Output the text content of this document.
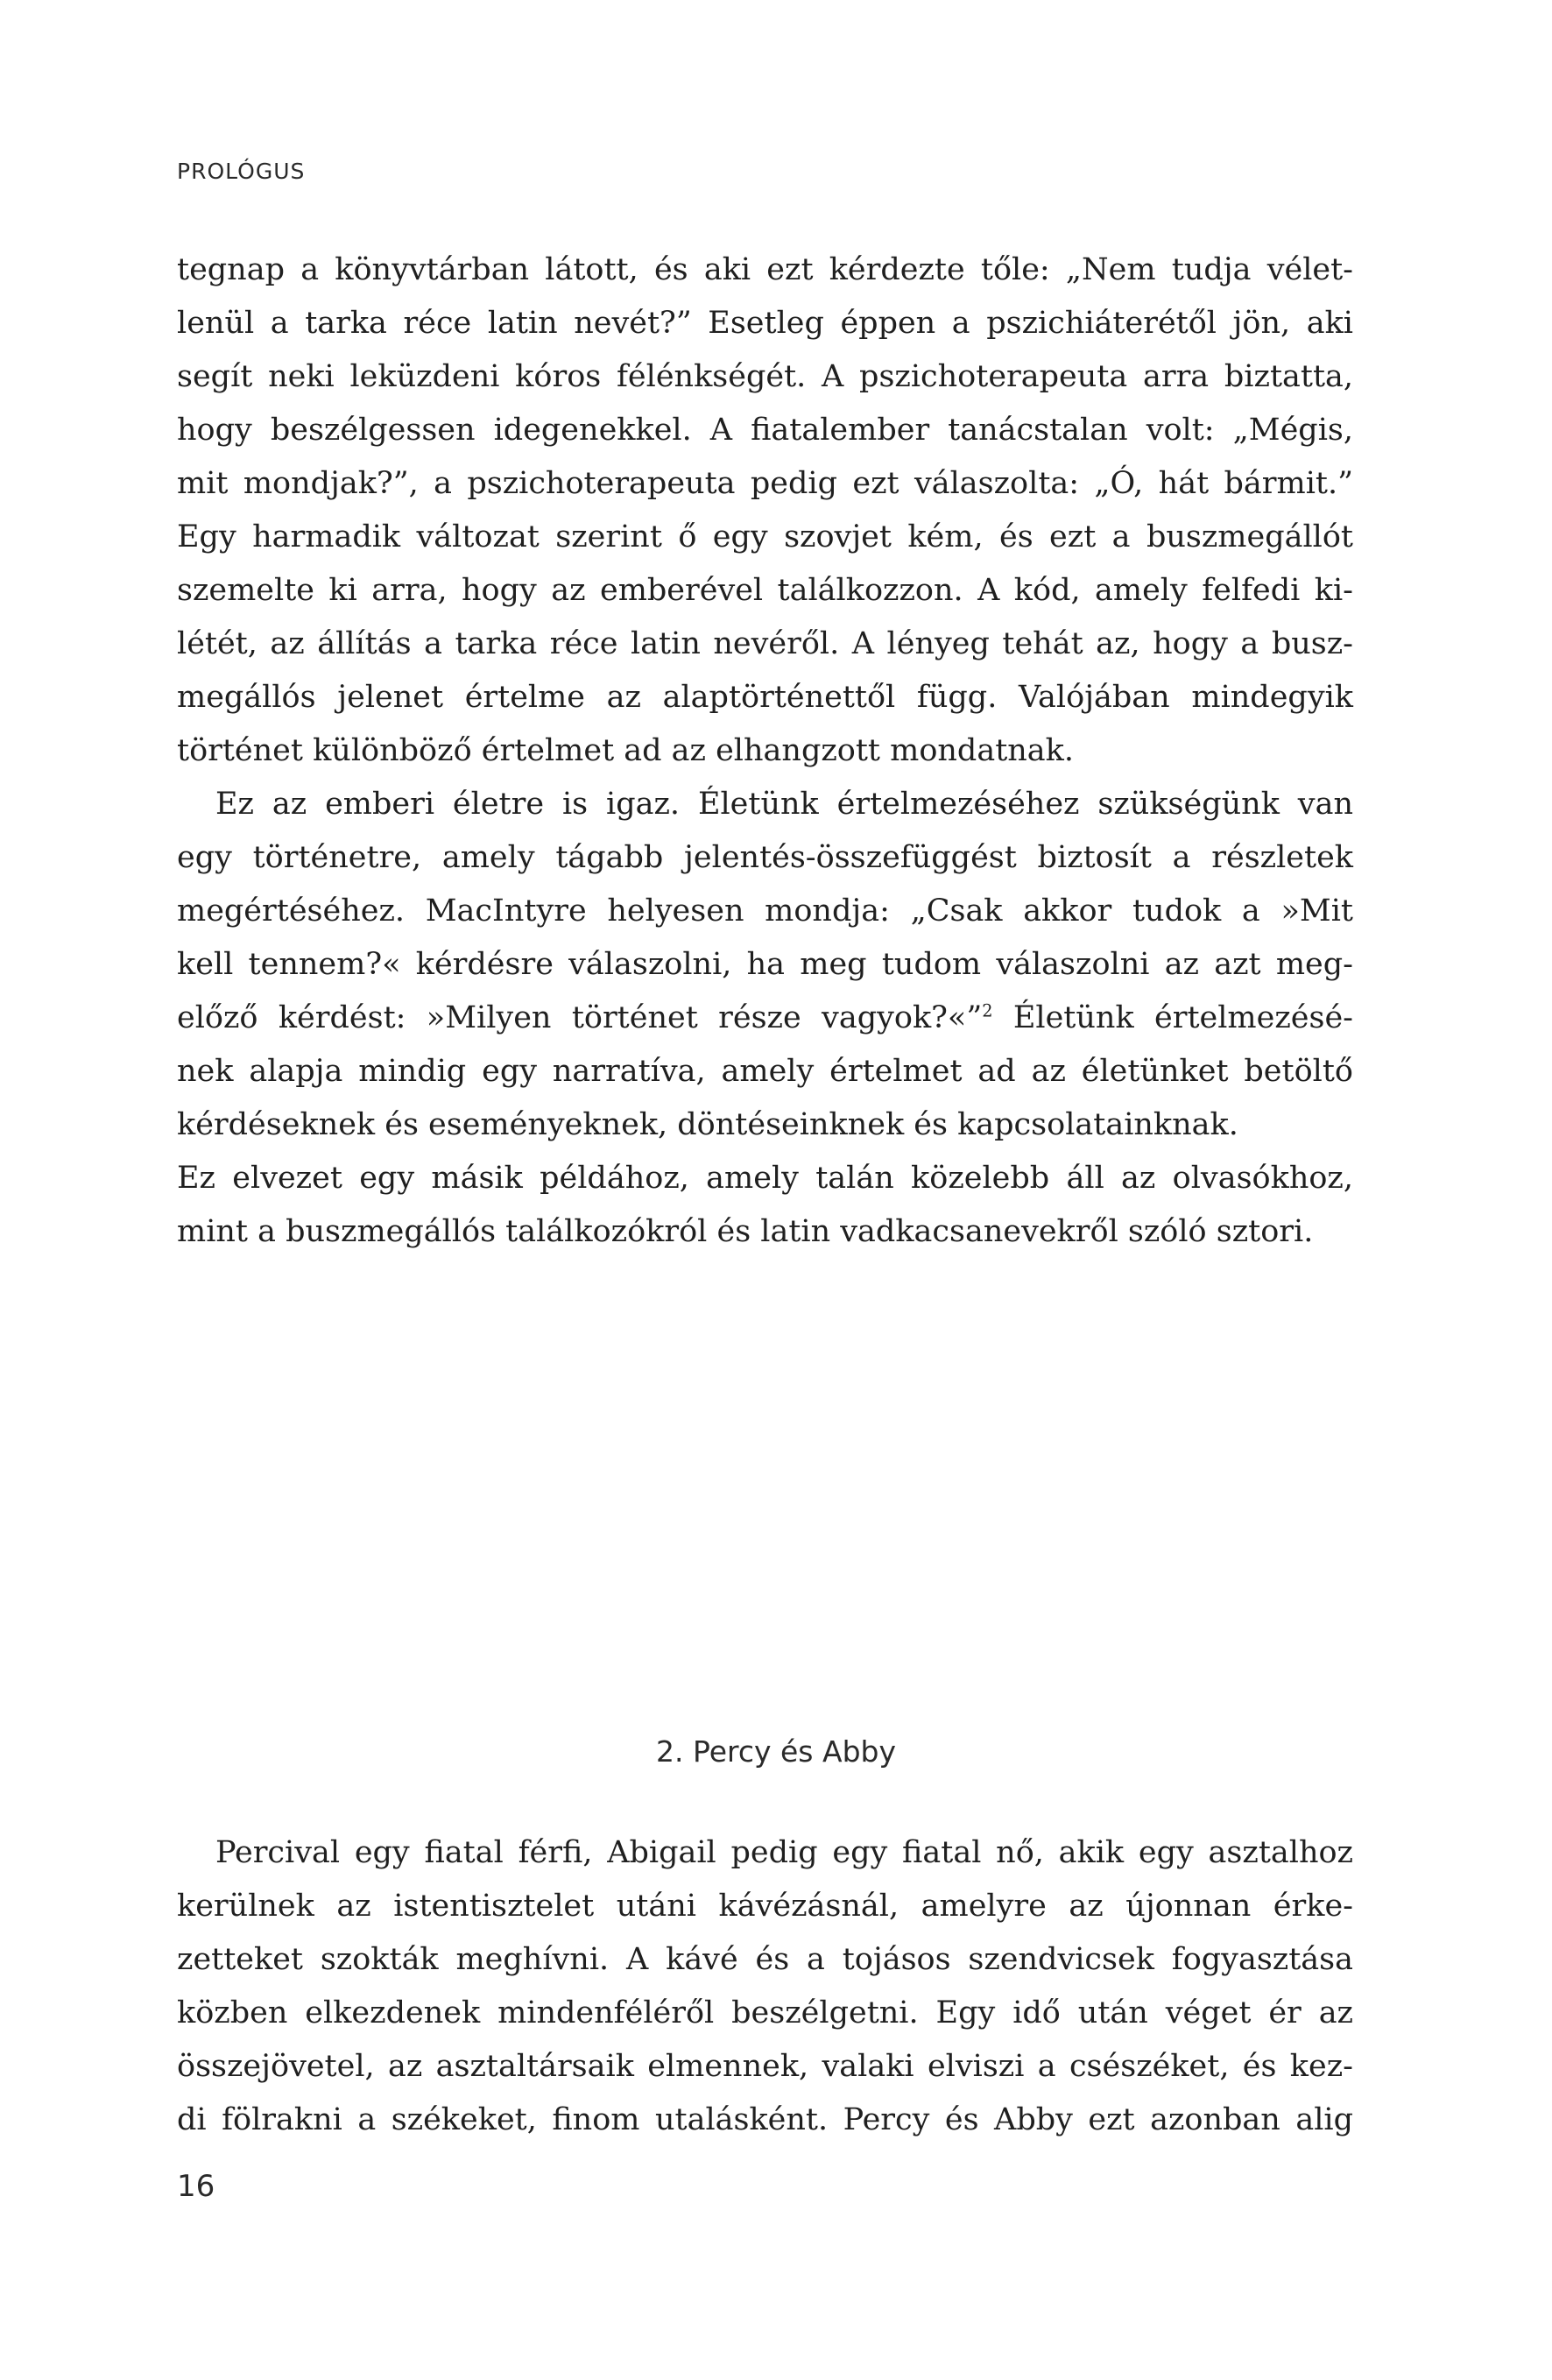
PROLÓGUS

tegnap a könyvtárban látott, és aki ezt kérdezte tőle: „Nem tudja vélet-
lenül a tarka réce latin nevét?” Esetleg éppen a pszichiáterétől jön, aki
segít neki leküzdeni kóros félénkségét. A pszichoterapeuta arra biztatta,
hogy beszélgessen idegenekkel. A fiatalember tanácstalan volt: „Mégis,
mit mondjak?”, a pszichoterapeuta pedig ezt válaszolta: „Ó, hát bármit.”
Egy harmadik változat szerint ő egy szovjet kém, és ezt a buszmegállót
szemelte ki arra, hogy az emberével találkozzon. A kód, amely felfedi ki-
létét, az állítás a tarka réce latin nevéről. A lényeg tehát az, hogy a busz-
megállós jelenet értelme az alaptörténettől függ. Valójában mindegyik
történet különböző értelmet ad az elhangzott mondatnak.

Ez az emberi életre is igaz. Életünk értelmezéséhez szükségünk van
egy történetre, amely tágabb jelentés-összefüggést biztosít a részletek
megértéséhez. MacIntyre helyesen mondja: „Csak akkor tudok a »Mit
kell tennem?« kérdésre válaszolni, ha meg tudom válaszolni az azt meg-
előző kérdést: »Milyen történet része vagyok?«”$^2$ Életünk értelmezésé-
nek alapja mindig egy narratíva, amely értelmet ad az életünket betöltő
kérdéseknek és eseményeknek, döntéseinknek és kapcsolatainknak.

Ez elvezet egy másik példához, amely talán közelebb áll az olvasókhoz,
mint a buszmegállós találkozókról és latin vadkacsanevekről szóló sztori.

2. Percy és Abby

Percival egy fiatal férfi, Abigail pedig egy fiatal nő, akik egy asztalhoz
kerülnek az istentisztelet utáni kávézásnál, amelyre az újonnan érke-
zetteket szokták meghívni. A kávé és a tojásos szendvicsek fogyasztása
közben elkezdenek mindenféléről beszélgetni. Egy idő után véget ér az
összejövetel, az asztaltársaik elmennek, valaki elviszi a csészéket, és kez-
di fölrakni a székeket, finom utalásként. Percy és Abby ezt azonban alig

16
